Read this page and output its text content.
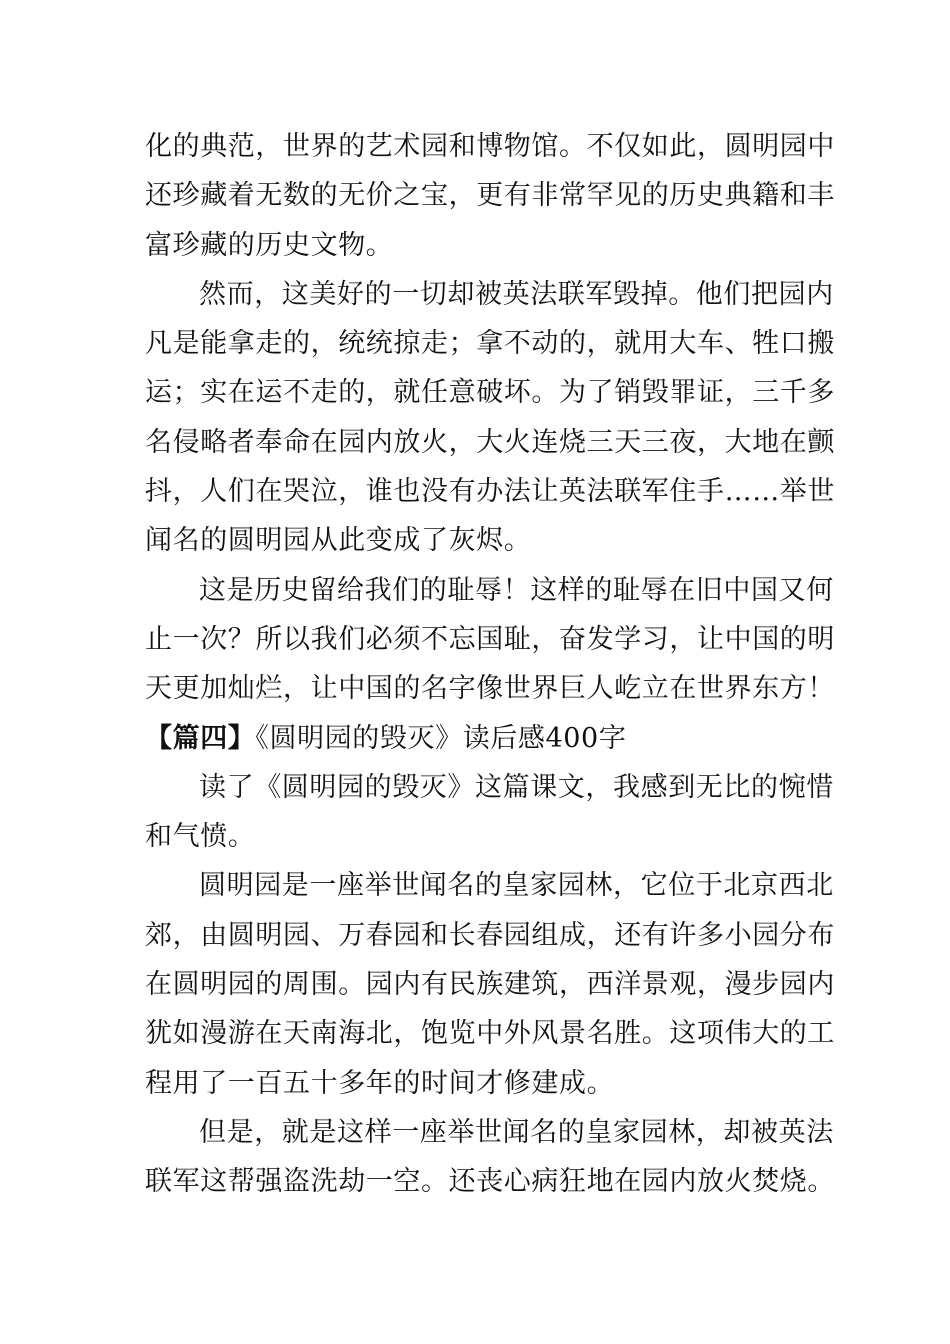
化的典范，世界的艺术园和博物馆。不仅如此，圆明园中
还珍藏着无数的无价之宝，更有非常罕见的历史典籍和丰
富珍藏的历史文物。
然而，这美好的一切却被英法联军毁掉。他们把园内
凡是能拿走的，统统掠走；拿不动的，就用大车、牲口搬
运；实在运不走的，就任意破坏。为了销毁罪证，三千多
名侵略者奉命在园内放火，大火连烧三天三夜，大地在颤
抖，人们在哭泣，谁也没有办法让英法联军住手……举世
闻名的圆明园从此变成了灰烬。
这是历史留给我们的耻辱！这样的耻辱在旧中国又何
止一次？所以我们必须不忘国耻，奋发学习，让中国的明
天更加灿烂，让中国的名字像世界巨人屹立在世界东方！
【篇四】《圆明园的毁灭》读后感400字
读了《圆明园的毁灭》这篇课文，我感到无比的惋惜
和气愤。
圆明园是一座举世闻名的皇家园林，它位于北京西北
郊，由圆明园、万春园和长春园组成，还有许多小园分布
在圆明园的周围。园内有民族建筑，西洋景观，漫步园内
犹如漫游在天南海北，饱览中外风景名胜。这项伟大的工
程用了一百五十多年的时间才修建成。
但是，就是这样一座举世闻名的皇家园林，却被英法
联军这帮强盗洗劫一空。还丧心病狂地在园内放火焚烧。
